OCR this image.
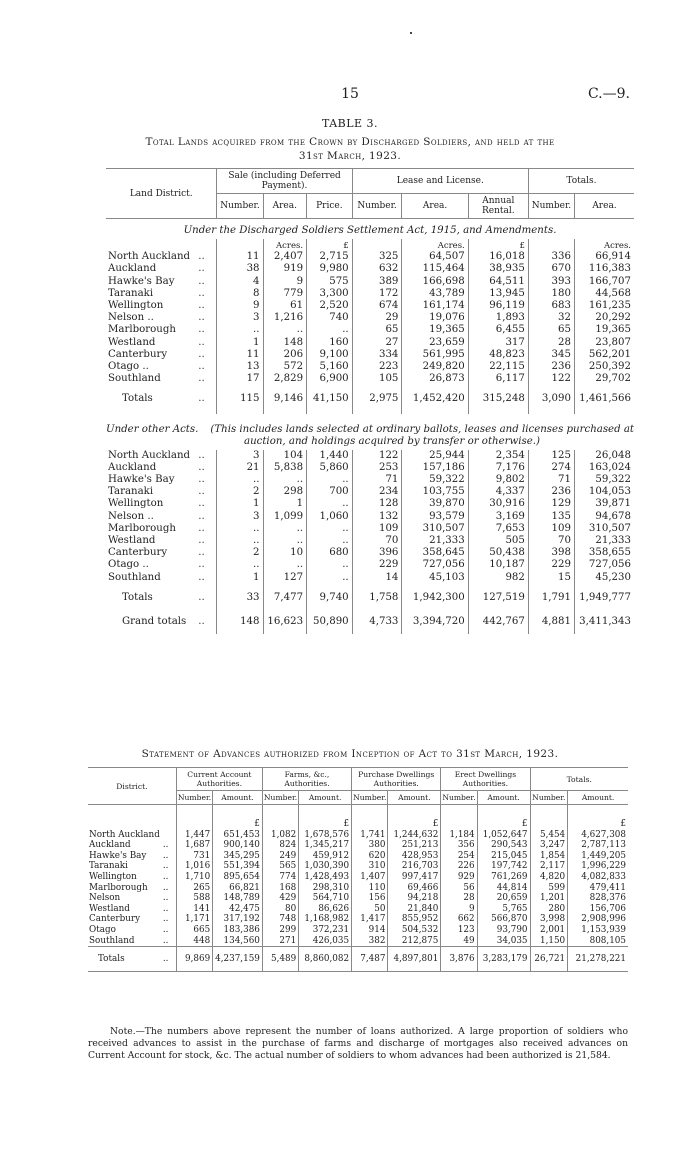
15	C.—9.
TABLE 3.
Total Lands acquired from the Crown by Discharged Soldiers, and held at the
31st March, 1923.
Land District.		Sale (including Deferred Payment).			Lease and License.			Totals.	
		Number.	Area.	Price.	Number.	Area.	Annual Rental.	Number.	Area.
Under the Discharged Soldiers Settlement Act, 1915, and Amendments.									
			Acres.	£		Acres.	£		Acres.
North Auckland	..	11	2,407	2,715	325	64,507	16,018	336	66,914
Auckland	..	38	919	9,980	632	115,464	38,935	670	116,383
Hawke's Bay	..	4	9	575	389	166,698	64,511	393	166,707
Taranaki	..	8	779	3,300	172	43,789	13,945	180	44,568
Wellington	..	9	61	2,520	674	161,174	96,119	683	161,235
Nelson ..	..	3	1,216	740	29	19,076	1,893	32	20,292
Marlborough	..	..	..	..	65	19,365	6,455	65	19,365
Westland	..	1	148	160	27	23,659	317	28	23,807
Canterbury	..	11	206	9,100	334	561,995	48,823	345	562,201
Otago ..	..	13	572	5,160	223	249,820	22,115	236	250,392
Southland	..	17	2,829	6,900	105	26,873	6,117	122	29,702
Totals	..	115	9,146	41,150	2,975	1,452,420	315,248	3,090	1,461,566
Under other Acts. (This includes lands selected at ordinary ballots, leases and licenses purchased at
auction, and holdings acquired by transfer or otherwise.)									
North Auckland	..	3	104	1,440	122	25,944	2,354	125	26,048
Auckland	..	21	5,838	5,860	253	157,186	7,176	274	163,024
Hawke's Bay	..	..	..	..	71	59,322	9,802	71	59,322
Taranaki	..	2	298	700	234	103,755	4,337	236	104,053
Wellington	..	1	1	..	128	39,870	30,916	129	39,871
Nelson ..	..	3	1,099	1,060	132	93,579	3,169	135	94,678
Marlborough	..	..	..	..	109	310,507	7,653	109	310,507
Westland	..	..	..	..	70	21,333	505	70	21,333
Canterbury	..	2	10	680	396	358,645	50,438	398	358,655
Otago ..	..	..	..	..	229	727,056	10,187	229	727,056
Southland	..	1	127	..	14	45,103	982	15	45,230
Totals	..	33	7,477	9,740	1,758	1,942,300	127,519	1,791	1,949,777
Grand totals	..	148	16,623	50,890	4,733	3,394,720	442,767	4,881	3,411,343
Statement of Advances authorized from Inception of Act to 31st March, 1923.
District.		Current Account Authorities.		Farms, &c., Authorities.		Purchase Dwellings Authorities.		Erect Dwellings Authorities.		Totals.	
		Number.	Amount.	Number.	Amount.	Number.	Amount.	Number.	Amount.	Number.	Amount.
			£		£		£		£		£
North Auckland		1,447	651,453	1,082	1,678,576	1,741	1,244,632	1,184	1,052,647	5,454	4,627,308
Auckland	..	1,687	900,140	824	1,345,217	380	251,213	356	290,543	3,247	2,787,113
Hawke's Bay	..	731	345,295	249	459,912	620	428,953	254	215,045	1,854	1,449,205
Taranaki	..	1,016	551,394	565	1,030,390	310	216,703	226	197,742	2,117	1,996,229
Wellington	..	1,710	895,654	774	1,428,493	1,407	997,417	929	761,269	4,820	4,082,833
Marlborough	..	265	66,821	168	298,310	110	69,466	56	44,814	599	479,411
Nelson	..	588	148,789	429	564,710	156	94,218	28	20,659	1,201	828,376
Westland	..	141	42,475	80	86,626	50	21,840	9	5,765	280	156,706
Canterbury	..	1,171	317,192	748	1,168,982	1,417	855,952	662	566,870	3,998	2,908,996
Otago	..	665	183,386	299	372,231	914	504,532	123	93,790	2,001	1,153,939
Southland	..	448	134,560	271	426,035	382	212,875	49	34,035	1,150	808,105
Totals	..	9,869	4,237,159	5,489	8,860,082	7,487	4,897,801	3,876	3,283,179	26,721	21,278,221
Note.—The numbers above represent the number of loans authorized. A large proportion of soldiers who received advances to assist in the purchase of farms and discharge of mortgages also received advances on Current Account for stock, &c. The actual number of soldiers to whom advances had been authorized is 21,584.
